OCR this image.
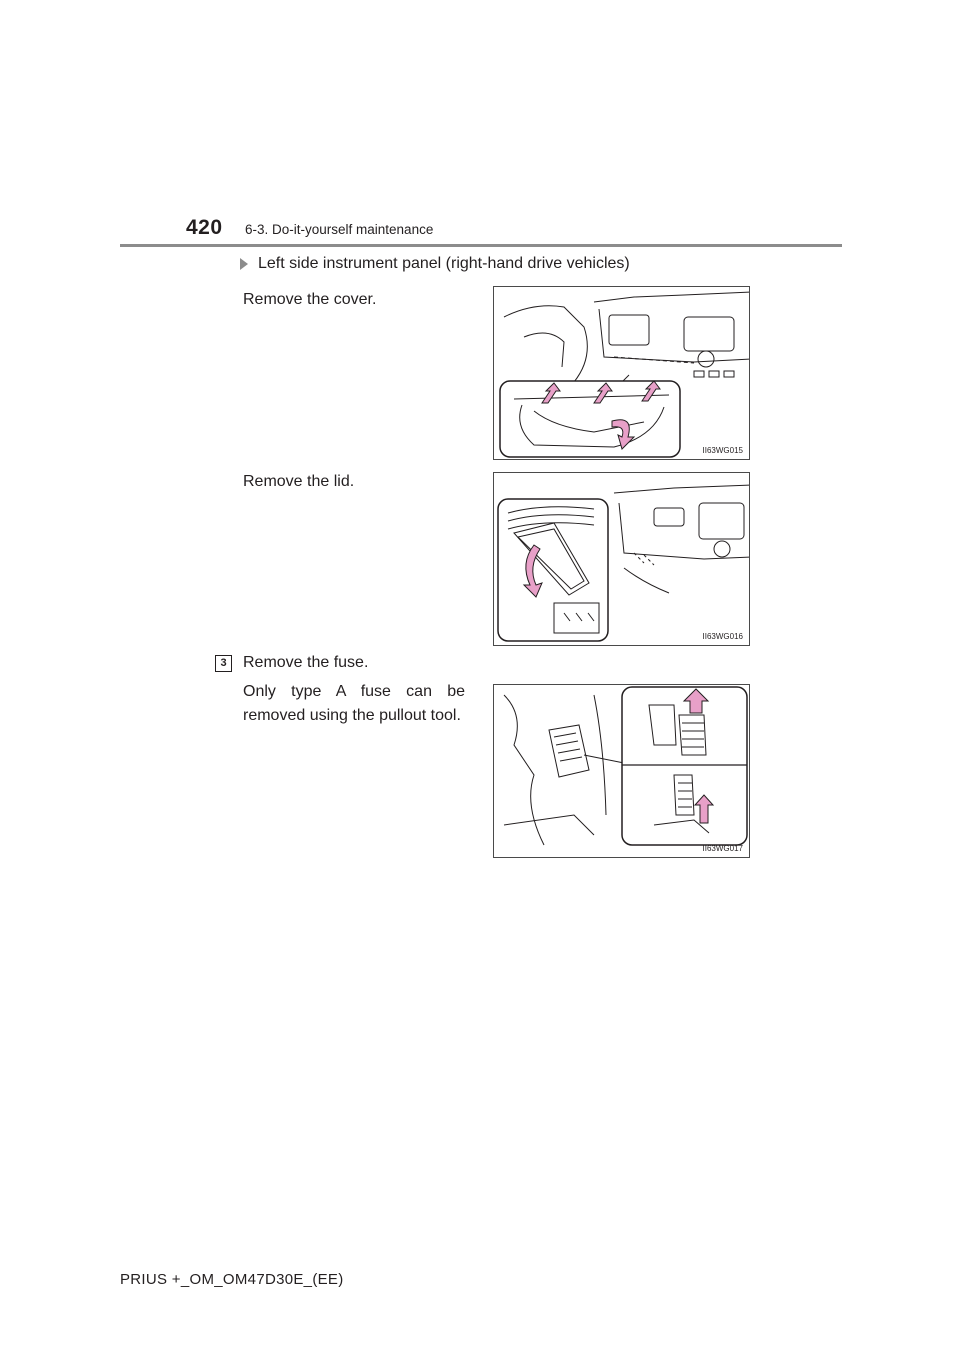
420 6-3. Do-it-yourself maintenance
Left side instrument panel (right-hand drive vehicles)
Remove the cover.
II63WG015
Remove the lid.
II63WG016
3	Remove the fuse.
Only type A fuse can be removed using the pullout tool.
II63WG017
PRIUS +_OM_OM47D30E_(EE)
